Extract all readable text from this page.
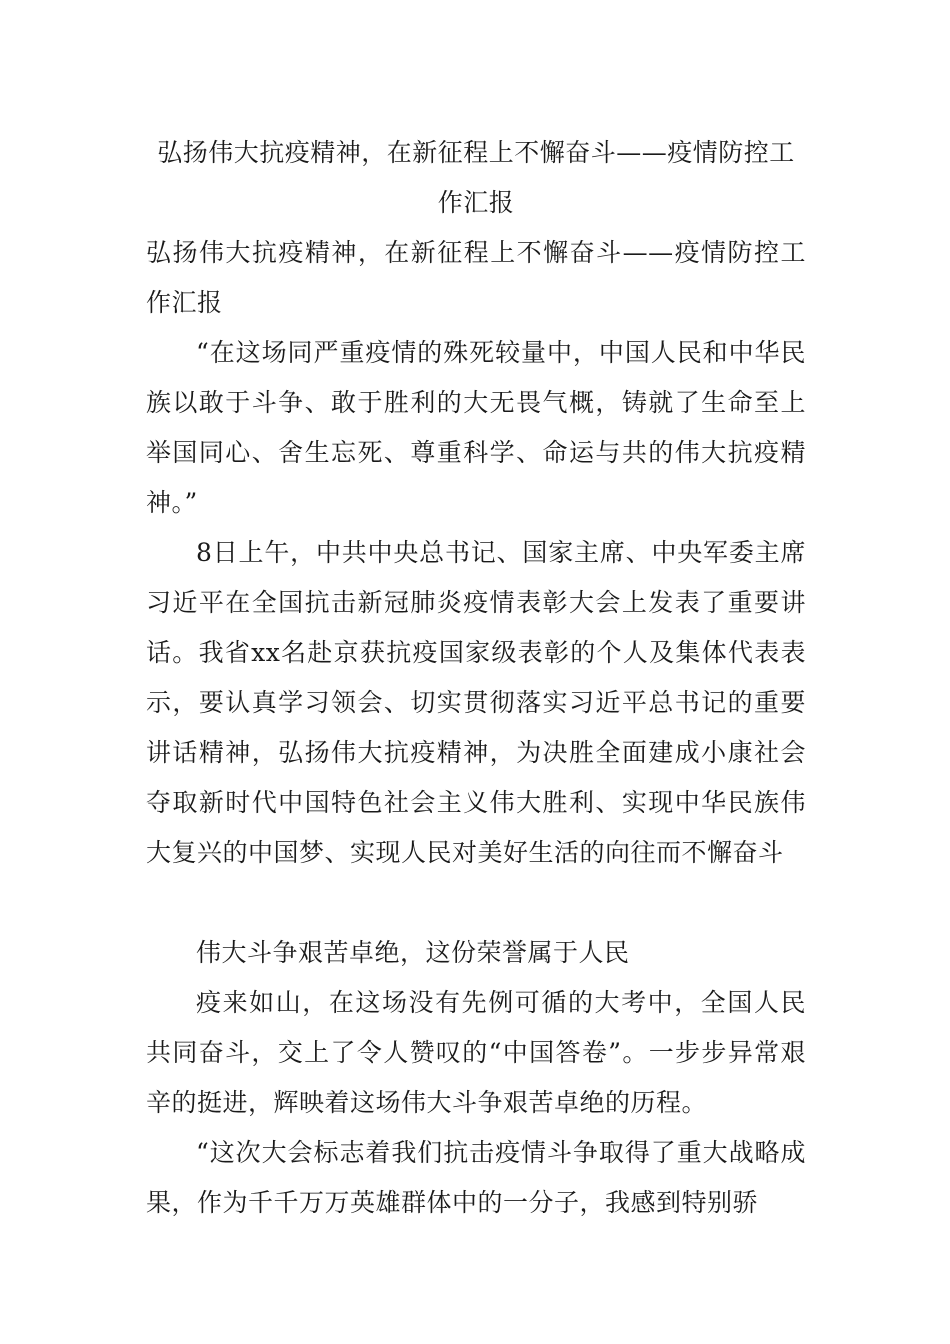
弘扬伟大抗疫精神，在新征程上不懈奋斗——疫情防控工作汇报

弘扬伟大抗疫精神，在新征程上不懈奋斗——疫情防控工作汇报

“在这场同严重疫情的殊死较量中，中国人民和中华民族以敢于斗争、敢于胜利的大无畏气概，铸就了生命至上举国同心、舍生忘死、尊重科学、命运与共的伟大抗疫精神。”

8日上午，中共中央总书记、国家主席、中央军委主席习近平在全国抗击新冠肺炎疫情表彰大会上发表了重要讲话。我省xx名赴京获抗疫国家级表彰的个人及集体代表表示，要认真学习领会、切实贯彻落实习近平总书记的重要讲话精神，弘扬伟大抗疫精神，为决胜全面建成小康社会夺取新时代中国特色社会主义伟大胜利、实现中华民族伟大复兴的中国梦、实现人民对美好生活的向往而不懈奋斗

伟大斗争艰苦卓绝，这份荣誉属于人民

疫来如山，在这场没有先例可循的大考中，全国人民共同奋斗，交上了令人赞叹的“中国答卷”。一步步异常艰辛的挺进，辉映着这场伟大斗争艰苦卓绝的历程。

“这次大会标志着我们抗击疫情斗争取得了重大战略成果，作为千千万万英雄群体中的一分子，我感到特别骄
